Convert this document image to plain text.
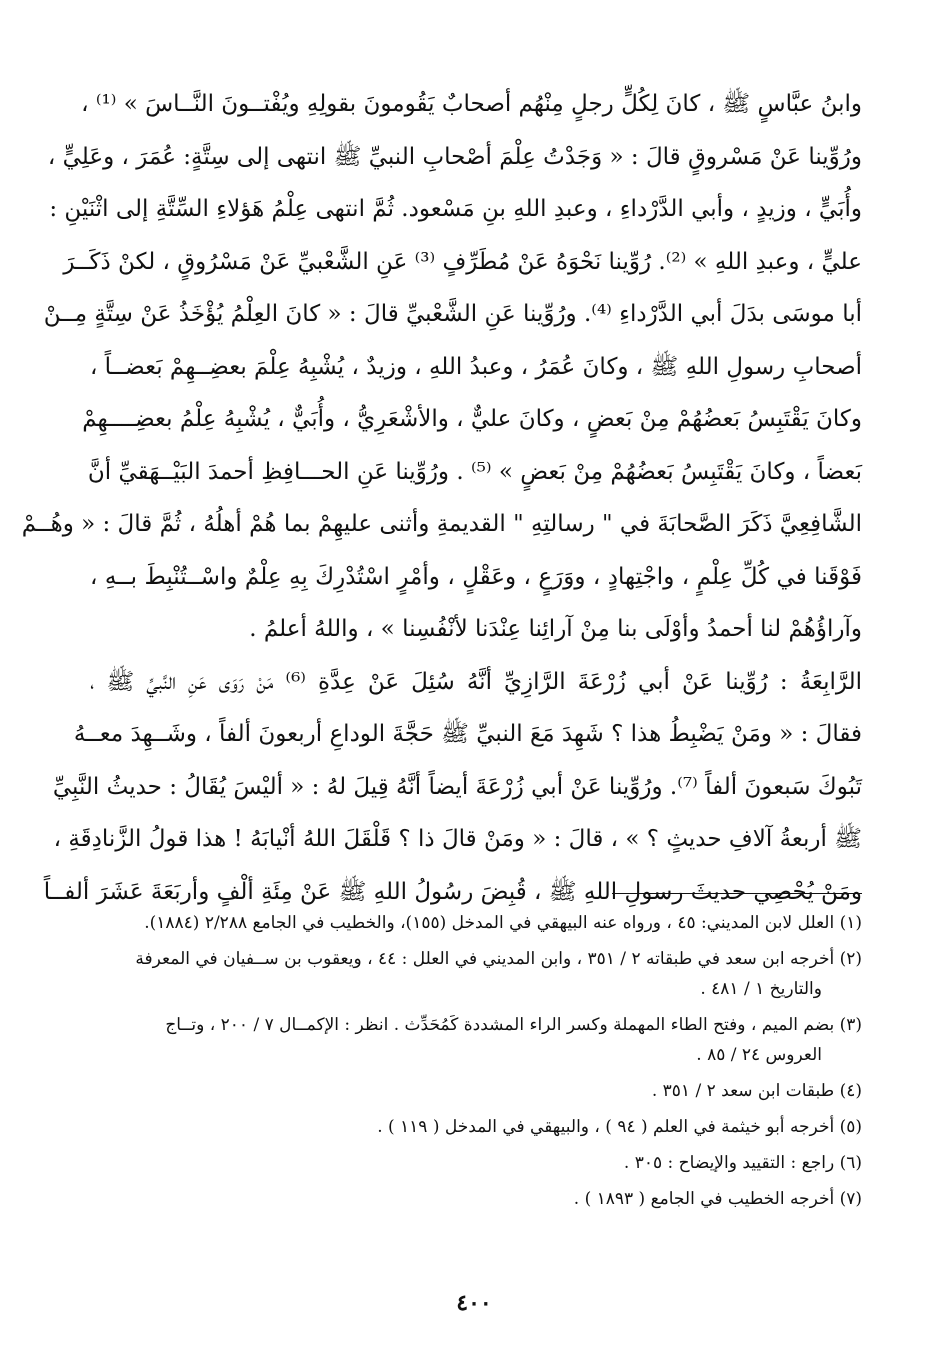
وابنُ عبَّاسٍ ﷺ ، كانَ لِكُلٍّ رجلٍ مِنْهُم أصحابٌ يَقُومونَ بقولِهِ ويُفْتــونَ النَّــاسَ » ⁽¹⁾ ،
ورُوِّينا عَنْ مَسْروقٍ قالَ : « وَجَدْتُ عِلْمَ أصْحابِ النبيِّ ﷺ انتهى إلى سِتَّةٍ: عُمَرَ ، وعَلِيٍّ ،
وأُبَيٍّ ، وزيدٍ ، وأبي الدَّرْداءِ ، وعبدِ اللهِ بنِ مَسْعود. ثُمَّ انتهى عِلْمُ هَؤلاءِ السِّتَّةِ إلى اثْنَيْنِ :
عليٍّ ، وعبدِ اللهِ » ⁽²⁾. رُوِّينا نَحْوَهُ عَنْ مُطَرِّفٍ ⁽³⁾ عَنِ الشَّعْبيِّ عَنْ مَسْرُوقٍ ، لكنْ ذَكَــرَ
أبا موسَى بدَلَ أبي الدَّرْداءِ ⁽⁴⁾. ورُوِّينا عَنِ الشَّعْبيِّ قالَ : « كانَ العِلْمُ يُؤْخَذُ عَنْ سِتَّةٍ مِــنْ
أصحابِ رسولِ اللهِ ﷺ ، وكانَ عُمَرُ ، وعبدُ اللهِ ، وزيدٌ ، يُشْبِهُ عِلْمَ بعضِــهِمْ بَعضــاً ،
وكانَ يَقْتَبِسُ بَعضُهُمْ مِنْ بَعضٍ ، وكانَ عليٌّ ، والأشْعَرِيُّ ، وأُبَيٌّ ، يُشْبِهُ عِلْمُ بعضِــــهِمْ
بَعضاً ، وكانَ يَقْتَبِسُ بَعضُهُمْ مِنْ بَعضٍ » ⁽⁵⁾ . ورُوِّينا عَنِ الحـــافِظِ أحمدَ البَيْــهَقيِّ أنَّ
الشَّافِعِيَّ ذَكَرَ الصَّحابَةَ في " رسالتِهِ " القديمةِ وأثنى عليهِمْ بما هُمْ أهلُهُ ، ثُمَّ قالَ : « وهُــمْ
فَوْقَنا في كُلِّ عِلْمٍ ، واجْتِهادٍ ، ووَرَعٍ ، وعَقْلٍ ، وأمْرٍ اسْتُدْرِكَ بِهِ عِلْمٌ واسْــتُنْبِطَ بــهِ ،
وآراؤُهُمْ لنا أحمدُ وأوْلَى بنا مِنْ آرائِنا عِنْدَنا لأنْفُسِنا » ، واللهُ أعلمُ .
الرَّابِعَةُ : رُوِّينا عَنْ أبي زُرْعَةَ الرَّازِيِّ أنَّهُ سُئِلَ عَنْ عِدَّةِ ⁽⁶⁾ مَنْ رَوَى عَنِ النَّبيِّ ﷺ ،
فقالَ : « ومَنْ يَضْبِطُ هذا ؟ شَهِدَ مَعَ النبيِّ ﷺ حَجَّةَ الوداعِ أربعونَ ألفاً ، وشَــهِدَ معــهُ
تَبُوكَ سَبعونَ ألفاً ⁽⁷⁾. ورُوِّينا عَنْ أبي زُرْعَةَ أيضاً أنَّهُ قِيلَ لهُ : « أليْسَ يُقَالُ : حديثُ النَّبِيِّ
ﷺ أربعةُ آلافِ حديثٍ ؟ » ، قالَ : « ومَنْ قالَ ذا ؟ قَلْقَلَ اللهُ أنْيابَهُ ! هذا قولُ الزَّنادِقَةِ ،
ومَنْ يُحْصِي حديثَ رسولِ اللهِ ﷺ ، قُبِضَ رسُولُ اللهِ ﷺ عَنْ مِئَةِ ألْفٍ وأربَعَةَ عَشَرَ ألفــاً
(١) العلل لابن المديني: ٤٥ ، ورواه عنه البيهقي في المدخل (١٥٥)، والخطيب في الجامع ٢/٢٨٨ (١٨٨٤).
(٢) أخرجه ابن سعد في طبقاته ٢ / ٣٥١ ، وابن المديني في العلل : ٤٤ ، ويعقوب بن ســفيان في المعرفة
والتاريخ ١ / ٤٨١ .
(٣) بضم الميم ، وفتح الطاء المهملة وكسر الراء المشددة كَمُحَدِّث . انظر : الإكمــال ٧ / ٢٠٠ ، وتــاج
العروس ٢٤ / ٨٥ .
(٤) طبقات ابن سعد ٢ / ٣٥١ .
(٥) أخرجه أبو خيثمة في العلم ( ٩٤ ) ، والبيهقي في المدخل ( ١١٩ ) .
(٦) راجع : التقييد والإيضاح : ٣٠٥ .
(٧) أخرجه الخطيب في الجامع ( ١٨٩٣ ) .
٤٠٠
